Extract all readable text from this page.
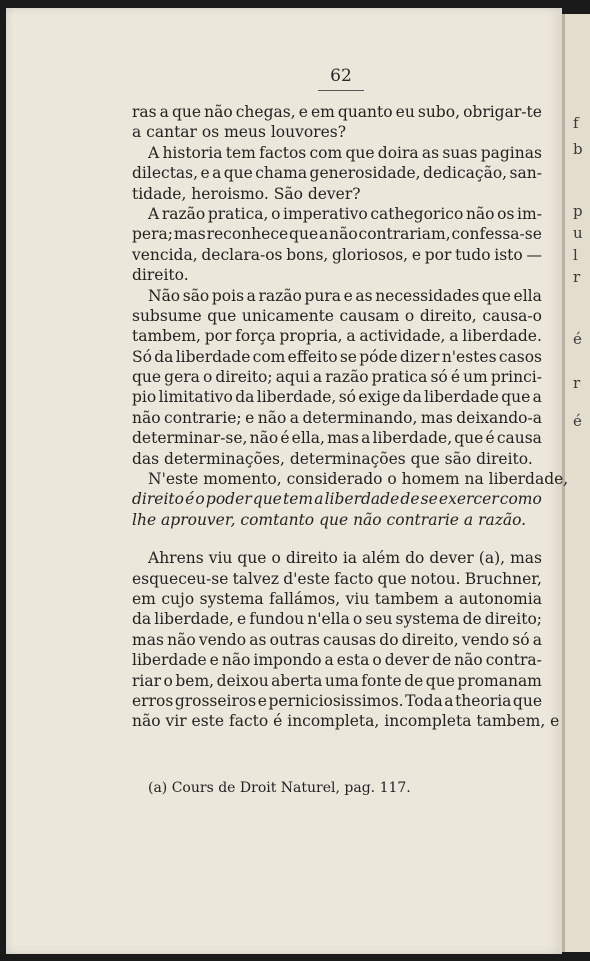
f
b
p
u
l
r
é
r
é
62
ras a que não chegas, e em quanto eu subo, obrigar-te
a cantar os meus louvores?
A historia tem factos com que doira as suas paginas
dilectas, e a que chama generosidade, dedicação, san-
tidade, heroismo. São dever?
A razão pratica, o imperativo cathegorico não os im-
pera; mas reconhece que a não contrariam, confessa-se
vencida, declara-os bons, gloriosos, e por tudo isto —
direito.
Não são pois a razão pura e as necessidades que ella
subsume que unicamente causam o direito, causa-o
tambem, por força propria, a actividade, a liberdade.
Só da liberdade com effeito se póde dizer n'estes casos
que gera o direito; aqui a razão pratica só é um princi-
pio limitativo da liberdade, só exige da liberdade que a
não contrarie; e não a determinando, mas deixando-a
determinar-se, não é ella, mas a liberdade, que é causa
das determinações, determinações que são direito.
N'este momento, considerado o homem na liberdade,
direito é o poder que tem a liberdade de se exercer como
lhe aprouver, comtanto que não contrarie a razão.
Ahrens viu que o direito ia além do dever (a), mas
esqueceu-se talvez d'este facto que notou. Bruchner,
em cujo systema fallámos, viu tambem a autonomia
da liberdade, e fundou n'ella o seu systema de direito;
mas não vendo as outras causas do direito, vendo só a
liberdade e não impondo a esta o dever de não contra-
riar o bem, deixou aberta uma fonte de que promanam
erros grosseiros e perniciosissimos. Toda a theoria que
não vir este facto é incompleta, incompleta tambem, e
(a) Cours de Droit Naturel, pag. 117.
